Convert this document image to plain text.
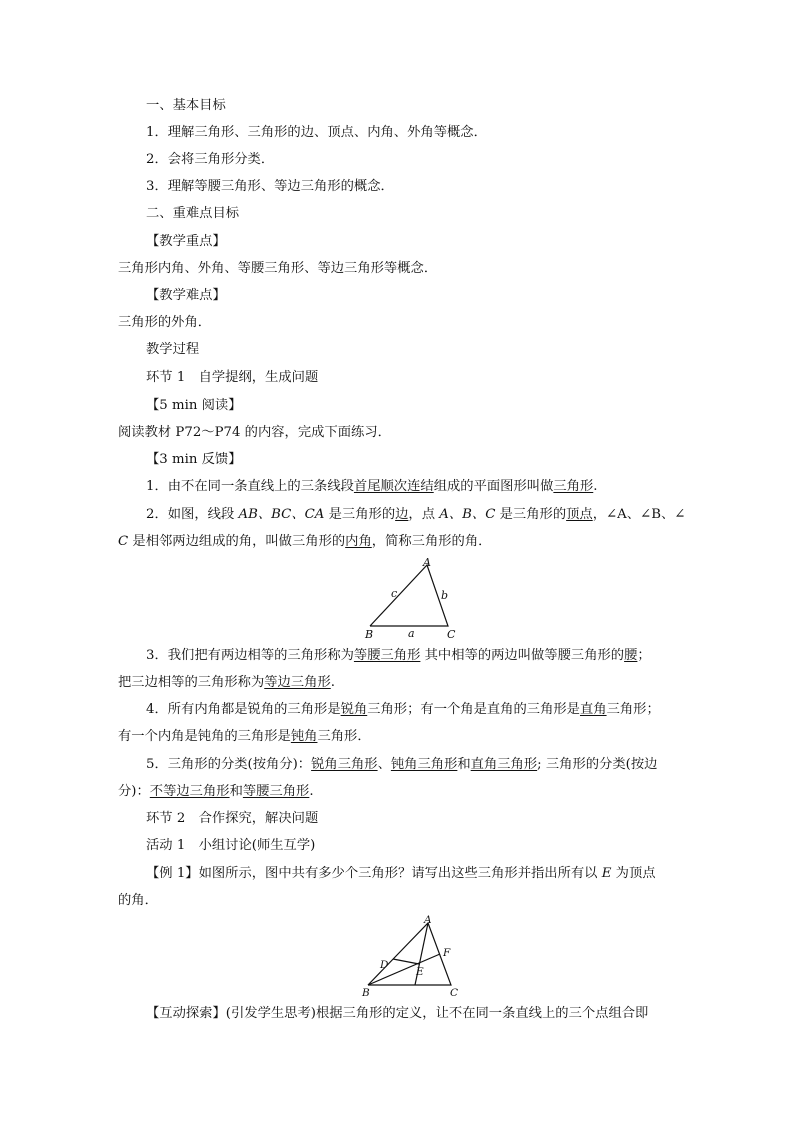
一、基本目标
1．理解三角形、三角形的边、顶点、内角、外角等概念．
2．会将三角形分类．
3．理解等腰三角形、等边三角形的概念．
二、重难点目标
【教学重点】
三角形内角、外角、等腰三角形、等边三角形等概念．
【教学难点】
三角形的外角．
教学过程
环节 1　自学提纲，生成问题
【5 min 阅读】
阅读教材 P72～P74 的内容，完成下面练习．
【3 min 反馈】
1．由不在同一条直线上的三条线段首尾顺次连结组成的平面图形叫做三角形.
2．如图，线段 AB、BC、CA 是三角形的边，点 A、B、C 是三角形的顶点，∠A、∠B、∠
C 是相邻两边组成的角，叫做三角形的内角，简称三角形的角．
A
B	C
a
b
c
3．我们把有两边相等的三角形称为等腰三角形 其中相等的两边叫做等腰三角形的腰；
把三边相等的三角形称为等边三角形.
4．所有内角都是锐角的三角形是锐角三角形；有一个角是直角的三角形是直角三角形；
有一个内角是钝角的三角形是钝角三角形．
5．三角形的分类(按角分)：锐角三角形、钝角三角形和直角三角形; 三角形的分类(按边
分)：不等边三角形和等腰三角形.
环节 2　合作探究，解决问题
活动 1　小组讨论(师生互学)
【例 1】如图所示，图中共有多少个三角形？请写出这些三角形并指出所有以 E 为顶点
的角．
A
B	C
D
E
F
【互动探索】(引发学生思考)根据三角形的定义，让不在同一条直线上的三个点组合即
